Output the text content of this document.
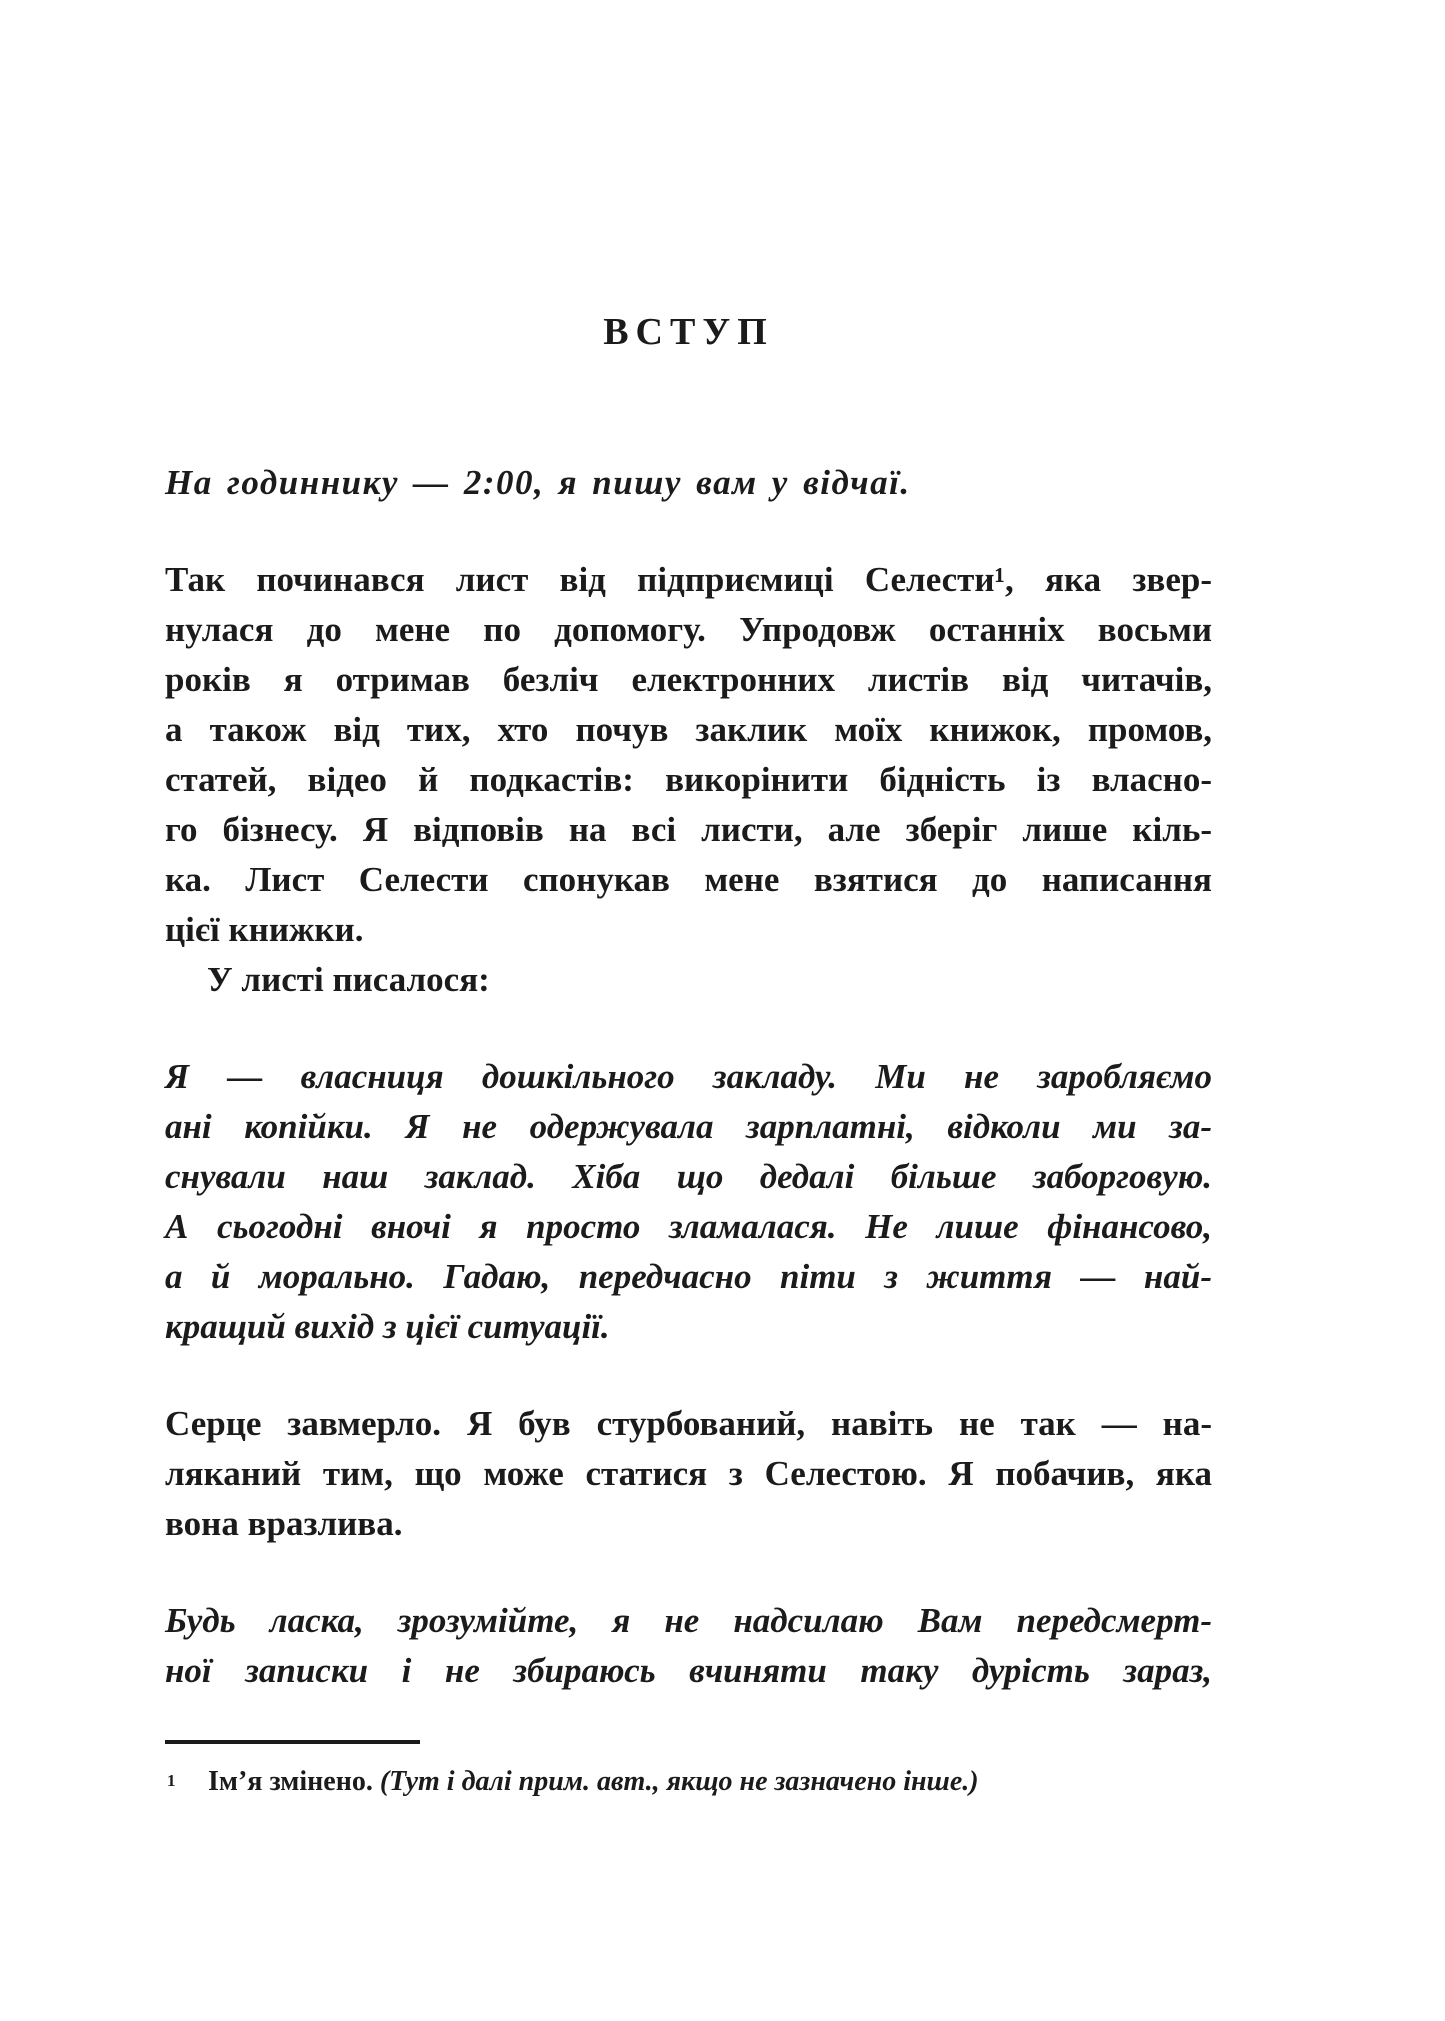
ВСТУП
На годиннику — 2:00, я пишу вам у відчаї.
Так починався лист від підприємиці Селести¹, яка звер-
нулася до мене по допомогу. Упродовж останніх восьми
років я отримав безліч електронних листів від читачів,
а також від тих, хто почув заклик моїх книжок, промов,
статей, відео й подкастів: викорінити бідність із власно-
го бізнесу. Я відповів на всі листи, але зберіг лише кіль-
ка. Лист Селести спонукав мене взятися до написання
цієї книжки.
У листі писалося:
Я — власниця дошкільного закладу. Ми не заробляємо
ані копійки. Я не одержувала зарплатні, відколи ми за-
снували наш заклад. Хіба що дедалі більше заборговую.
А сьогодні вночі я просто зламалася. Не лише фінансово,
а й морально. Гадаю, передчасно піти з життя — най-
кращий вихід з цієї ситуації.
Серце завмерло. Я був стурбований, навіть не так — на-
ляканий тим, що може статися з Селестою. Я побачив, яка
вона вразлива.
Будь ласка, зрозумійте, я не надсилаю Вам передсмерт-
ної записки і не збираюсь вчиняти таку дурість зараз,
1	Ім’я змінено. (Тут і далі прим. авт., якщо не зазначено інше.)
